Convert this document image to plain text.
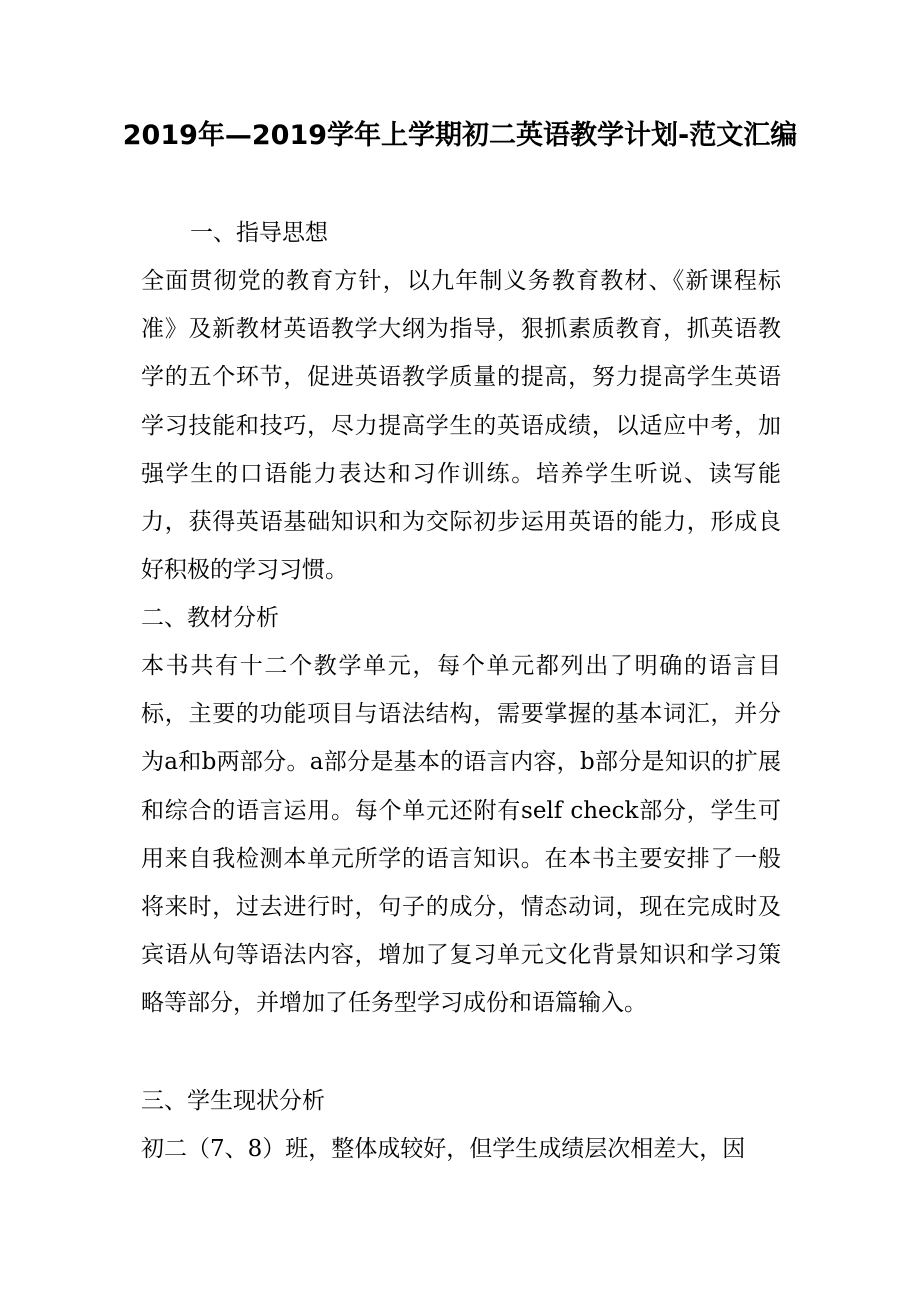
2019年—2019学年上学期初二英语教学计划-范文汇编

一、指导思想

全面贯彻党的教育方针，以九年制义务教育教材、《新课程标准》及新教材英语教学大纲为指导，狠抓素质教育，抓英语教学的五个环节，促进英语教学质量的提高，努力提高学生英语学习技能和技巧，尽力提高学生的英语成绩，以适应中考，加强学生的口语能力表达和习作训练。培养学生听说、读写能力，获得英语基础知识和为交际初步运用英语的能力，形成良好积极的学习习惯。

二、教材分析

本书共有十二个教学单元，每个单元都列出了明确的语言目标，主要的功能项目与语法结构，需要掌握的基本词汇，并分为a和b两部分。a部分是基本的语言内容，b部分是知识的扩展和综合的语言运用。每个单元还附有self check部分，学生可用来自我检测本单元所学的语言知识。在本书主要安排了一般将来时，过去进行时，句子的成分，情态动词，现在完成时及宾语从句等语法内容，增加了复习单元文化背景知识和学习策略等部分，并增加了任务型学习成份和语篇输入。

三、学生现状分析

初二（7、8）班，整体成较好，但学生成绩层次相差大，因
